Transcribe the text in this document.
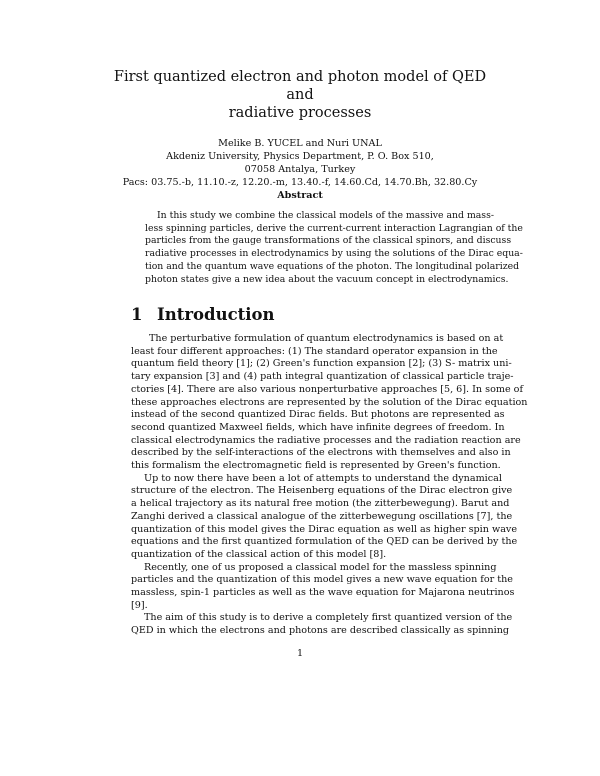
First quantized electron and photon model of QED and
radiative processes
Melike B. YUCEL and Nuri UNAL
Akdeniz University, Physics Department, P. O. Box 510,
07058 Antalya, Turkey
Pacs: 03.75.-b, 11.10.-z, 12.20.-m, 13.40.-f, 14.60.Cd, 14.70.Bh, 32.80.Cy
Abstract
In this study we combine the classical models of the massive and mass-
less spinning particles, derive the current-current interaction Lagrangian of the
particles from the gauge transformations of the classical spinors, and discuss
radiative processes in electrodynamics by using the solutions of the Dirac equa-
tion and the quantum wave equations of the photon. The longitudinal polarized
photon states give a new idea about the vacuum concept in electrodynamics.
1 Introduction
The perturbative formulation of quantum electrodynamics is based on at
least four different approaches: (1) The standard operator expansion in the
quantum field theory [1]; (2) Green's function expansion [2]; (3) S- matrix uni-
tary expansion [3] and (4) path integral quantization of classical particle traje-
ctories [4]. There are also various nonperturbative approaches [5, 6]. In some of
these approaches electrons are represented by the solution of the Dirac equation
instead of the second quantized Dirac fields. But photons are represented as
second quantized Maxweel fields, which have infinite degrees of freedom. In
classical electrodynamics the radiative processes and the radiation reaction are
described by the self-interactions of the electrons with themselves and also in
this formalism the electromagnetic field is represented by Green's function.
Up to now there have been a lot of attempts to understand the dynamical
structure of the electron. The Heisenberg equations of the Dirac electron give
a helical trajectory as its natural free motion (the zitterbewegung). Barut and
Zanghi derived a classical analogue of the zitterbewegung oscillations [7], the
quantization of this model gives the Dirac equation as well as higher spin wave
equations and the first quantized formulation of the QED can be derived by the
quantization of the classical action of this model [8].
Recently, one of us proposed a classical model for the massless spinning
particles and the quantization of this model gives a new wave equation for the
massless, spin-1 particles as well as the wave equation for Majarona neutrinos
[9].
The aim of this study is to derive a completely first quantized version of the
QED in which the electrons and photons are described classically as spinning
1
